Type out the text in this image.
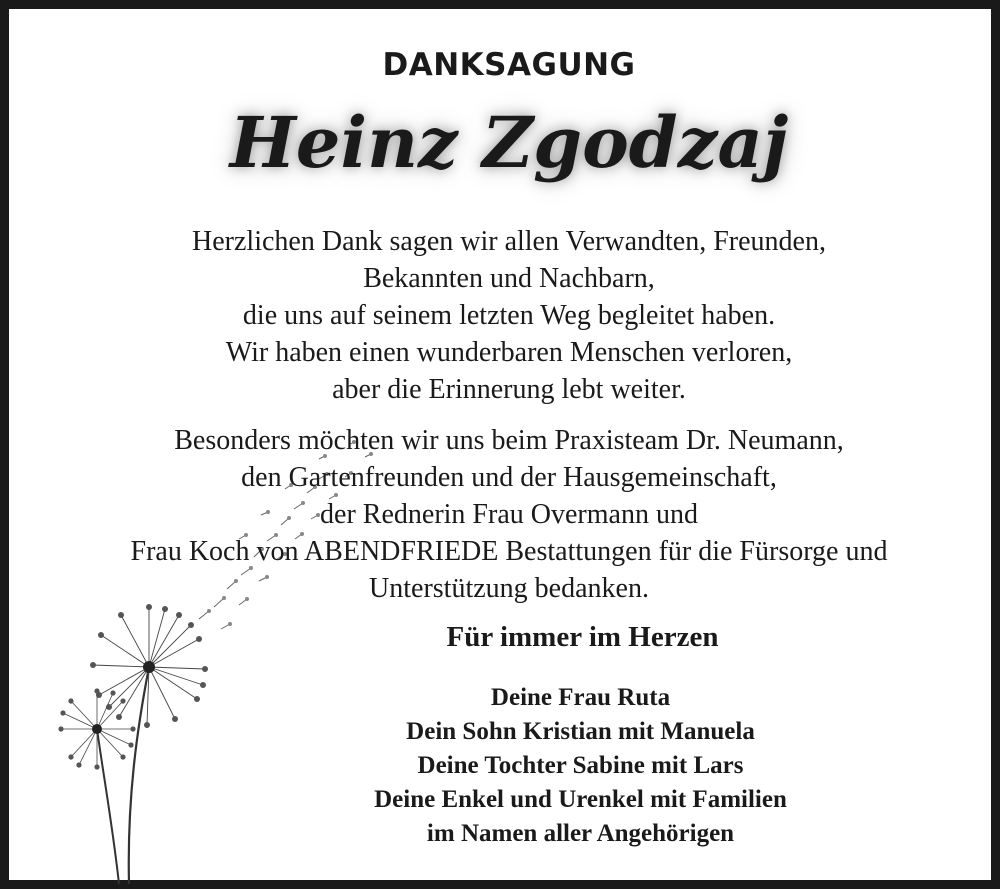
DANKSAGUNG
Heinz Zgodzaj
Herzlichen Dank sagen wir allen Verwandten, Freunden,
Bekannten und Nachbarn,
die uns auf seinem letzten Weg begleitet haben.
Wir haben einen wunderbaren Menschen verloren,
aber die Erinnerung lebt weiter.
Besonders möchten wir uns beim Praxisteam Dr. Neumann,
den Gartenfreunden und der Hausgemeinschaft,
der Rednerin Frau Overmann und
Frau Koch von ABENDFRIEDE Bestattungen für die Fürsorge und
Unterstützung bedanken.
Für immer im Herzen
Deine Frau Ruta
Dein Sohn Kristian mit Manuela
Deine Tochter Sabine mit Lars
Deine Enkel und Urenkel mit Familien
im Namen aller Angehörigen
